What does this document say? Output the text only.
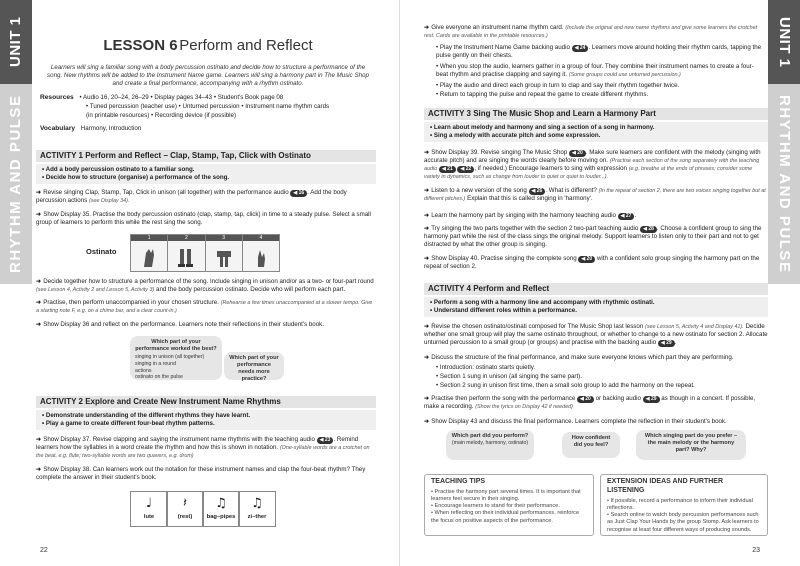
UNIT 1
RHYTHM AND PULSE
LESSON 6 Perform and Reflect
Learners will sing a familiar song with a body percussion ostinato and decide how to structure a performance of the song. New rhythms will be added to the Instrument Name game. Learners will sing a harmony part in The Music Shop and create a final performance, accompanying with a rhythm ostinato.
Resources • Audio 16, 20–24, 26–29 • Display pages 34–43 • Student's Book page 08
• Tuned percussion (teacher use) • Unturned percussion • Instrument name rhythm cards
(in printable resources) • Recording device (if possible)
Vocabulary Harmony, Introduction
ACTIVITY 1 Perform and Reflect – Clap, Stamp, Tap, Click with Ostinato
• Add a body percussion ostinato to a familiar song.
• Decide how to structure (organise) a performance of the song.
➜ Revise singing Clap, Stamp, Tap, Click in unison (all together) with the performance audio ◀ 16 . Add the body percussion actions (see Display 34).
➜ Show Display 35. Practise the body percussion ostinato (clap, stamp, tap, click) in time to a steady pulse. Select a small group of learners to perform this while the rest sing the song.
Ostinato
1	2	3	4
➜ Decide together how to structure a performance of the song. Include singing in unison and/or as a two- or four-part round (see Lesson 4, Activity 2 and Lesson 5, Activity 3) and the body percussion ostinato. Decide who will perform each part.
➜ Practise, then perform unaccompanied in your chosen structure. (Rehearse a few times unaccompanied at a slower tempo. Give a starting note F, e.g. on a chime bar, and a clear count-in.)
➜ Show Display 36 and reflect on the performance. Learners note their reflections in their student's book.
Which part of your performance worked the best?
singing in unison (all together)
singing in a round
actions
ostinato on the pulse
Which part of your performance needs more practice?
ACTIVITY 2 Explore and Create New Instrument Name Rhythms
• Demonstrate understanding of the different rhythms they have learnt.
• Play a game to create different four-beat rhythm patterns.
➜ Show Display 37. Revise clapping and saying the instrument name rhythms with the teaching audio ◀ 23 . Remind learners how the syllables in a word create the rhythm and how this is shown in notation. (One-syllable words are a crotchet on the beat, e.g. flute; two-syllable words are two quavers, e.g. drum)
➜ Show Display 38. Can learners work out the notation for these instrument names and clap the four-beat rhythm? They complete the answer in their student's book.
♩
lute
𝄽
(rest)
♫
bag–pipes
♫
zi–ther
22
UNIT 1
RHYTHM AND PULSE
➜ Give everyone an instrument name rhythm card. (Include the original and new name rhythms and give some learners the crotchet rest. Cards are available in the printable resources.)
• Play the Instrument Name Game backing audio ◀ 24 . Learners move around holding their rhythm cards, tapping the pulse gently on their chests.
• When you stop the audio, learners gather in a group of four. They combine their instrument names to create a four-beat rhythm and practise clapping and saying it. (Some groups could use unturned percussion.)
• Play the audio and direct each group in turn to clap and say their rhythm together twice.
• Return to tapping the pulse and repeat the game to create different rhythms.
ACTIVITY 3 Sing The Music Shop and Learn a Harmony Part
• Learn about melody and harmony and sing a section of a song in harmony.
• Sing a melody with accurate pitch and some expression.
➜ Show Display 39. Revise singing The Music Shop ◀ 20 . Make sure learners are confident with the melody (singing with accurate pitch) and are singing the words clearly before moving on. (Practise each section of the song separately with the teaching audio ◀ 21 ◀ 22 , if needed.) Encourage learners to sing with expression (e.g. breathe at the ends of phrases; consider some variety in dynamics, such as change from louder to quiet or quiet to louder...).
➜ Listen to a new version of the song ◀ 26 . What is different? (In the repeat of section 2, there are two voices singing together but at different pitches.) Explain that this is called singing in 'harmony'.
➜ Learn the harmony part by singing with the harmony teaching audio ◀ 27 .
➜ Try singing the two parts together with the section 2 two-part teaching audio ◀ 28 . Choose a confident group to sing the harmony part while the rest of the class sings the original melody. Support learners to listen only to their part and not to get distracted by what the other group is singing.
➜ Show Display 40. Practise singing the complete song ◀ 20 with a confident solo group singing the harmony part on the repeat of section 2.
ACTIVITY 4 Perform and Reflect
• Perform a song with a harmony line and accompany with rhythmic ostinati.
• Understand different roles within a performance.
➜ Revise the chosen ostinato/ostinati composed for The Music Shop last lesson (see Lesson 5, Activity 4 and Display 41). Decide whether one small group will play the same ostinato throughout, or whether to change to a new ostinato for section 2. Allocate unturned percussion to a small group (or groups) and practise with the backing audio ◀ 29 .
➜ Discuss the structure of the final performance, and make sure everyone knows which part they are performing.
• Introduction: ostinato starts quietly.
• Section 1 sung in unison (all singing the same part).
• Section 2 sung in unison first time, then a small solo group to add the harmony on the repeat.
➜ Practise then perform the song with the performance ◀ 20 or backing audio ◀ 29 as though in a concert. If possible, make a recording. (Show the lyrics on Display 42 if needed)
➜ Show Display 43 and discuss the final performance. Learners complete the reflection in their student's book.
Which part did you perform?
(main melody, harmony, ostinato)
How confident did you feel?
Which singing part do you prefer – the main melody or the harmony part? Why?
TEACHING TIPS
• Practise the harmony part several times. It is important that learners feel secure in their singing.
• Encourage learners to stand for their performance.
• When reflecting on their individual performances, reinforce the focus on positive aspects of the performance.
EXTENSION IDEAS AND FURTHER LISTENING
• If possible, record a performance to inform their individual reflections.
• Search online to watch body percussion performances such as Just Clap Your Hands by the group Stomp. Ask learners to recognise at least four different ways of producing sounds.
23
